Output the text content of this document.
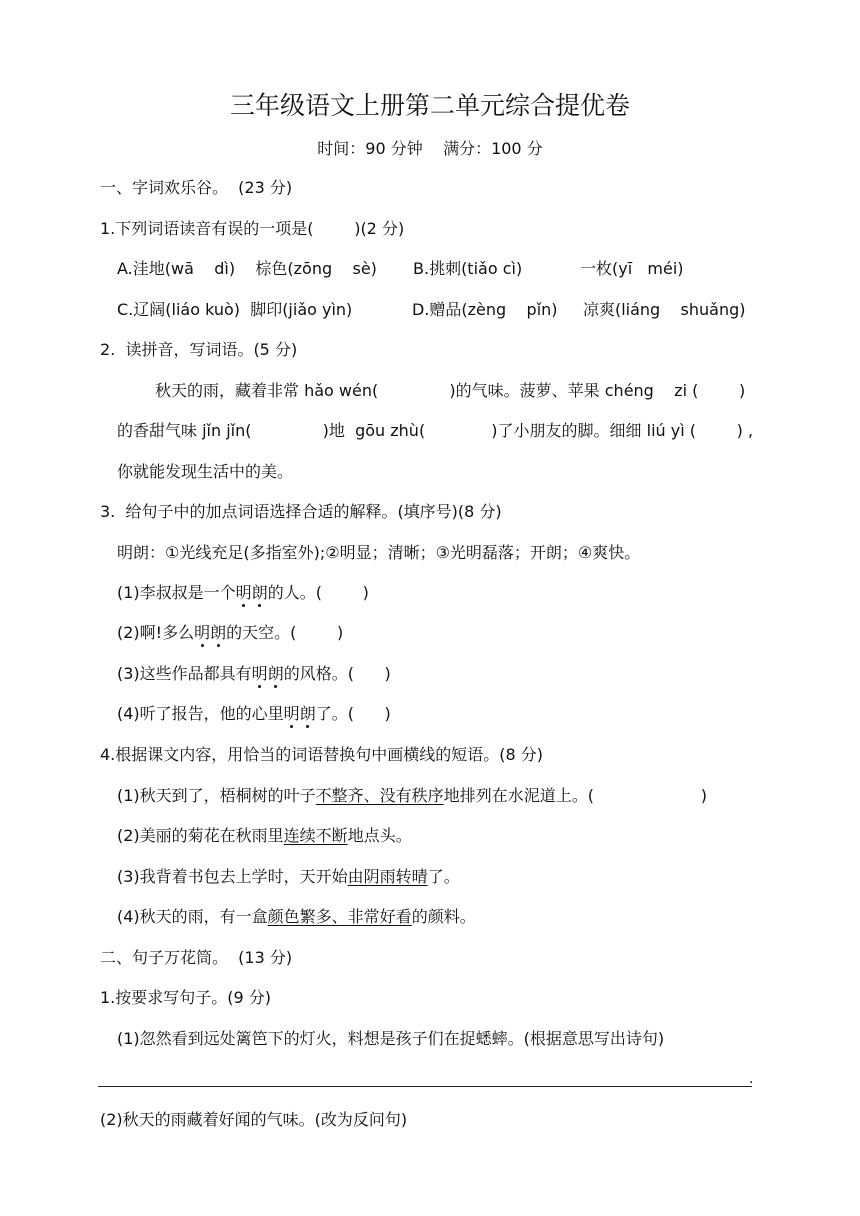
三年级语文上册第二单元综合提优卷
时间：90 分钟    满分：100 分
一、字词欢乐谷。  (23 分)
1.下列词语读音有误的一项是(        )(2 分)
A.洼地(wā    dì)    棕色(zōng    sè) B.挑刺(tiǎo cì)	一枚(yī   méi)
C.辽阔(liáo kuò)  脚印(jiǎo yìn)	D.赠品(zèng    pǐn)     凉爽(liáng    shuǎng)
2.  读拼音，写词语。(5 分)
秋天的雨，藏着非常 hǎo wén(              )的气味。菠萝、苹果 chéng    zi (        )
的香甜气味 jǐn jǐn(              )地  gōu zhù(             )了小朋友的脚。细细 liú yì (        ) ,
你就能发现生活中的美。
3.  给句子中的加点词语选择合适的解释。(填序号)(8 分)
明朗：①光线充足(多指室外);②明显；清晰；③光明磊落；开朗；④爽快。
(1)李叔叔是一个明朗的人。(        )
(2)啊!多么明朗的天空。(        )
(3)这些作品都具有明朗的风格。(      )
(4)听了报告，他的心里明朗了。(      )
4.根据课文内容，用恰当的词语替换句中画横线的短语。(8 分)
(1)秋天到了，梧桐树的叶子不整齐、没有秩序地排列在水泥道上。(                     )
(2)美丽的菊花在秋雨里连续不断地点头。
(3)我背着书包去上学时，天开始由阴雨转晴了。
(4)秋天的雨，有一盒颜色繁多、非常好看的颜料。
二、句子万花筒。  (13 分)
1.按要求写句子。(9 分)
(1)忽然看到远处篱笆下的灯火，料想是孩子们在捉蟋蟀。(根据意思写出诗句)
.
(2)秋天的雨藏着好闻的气味。(改为反问句)
